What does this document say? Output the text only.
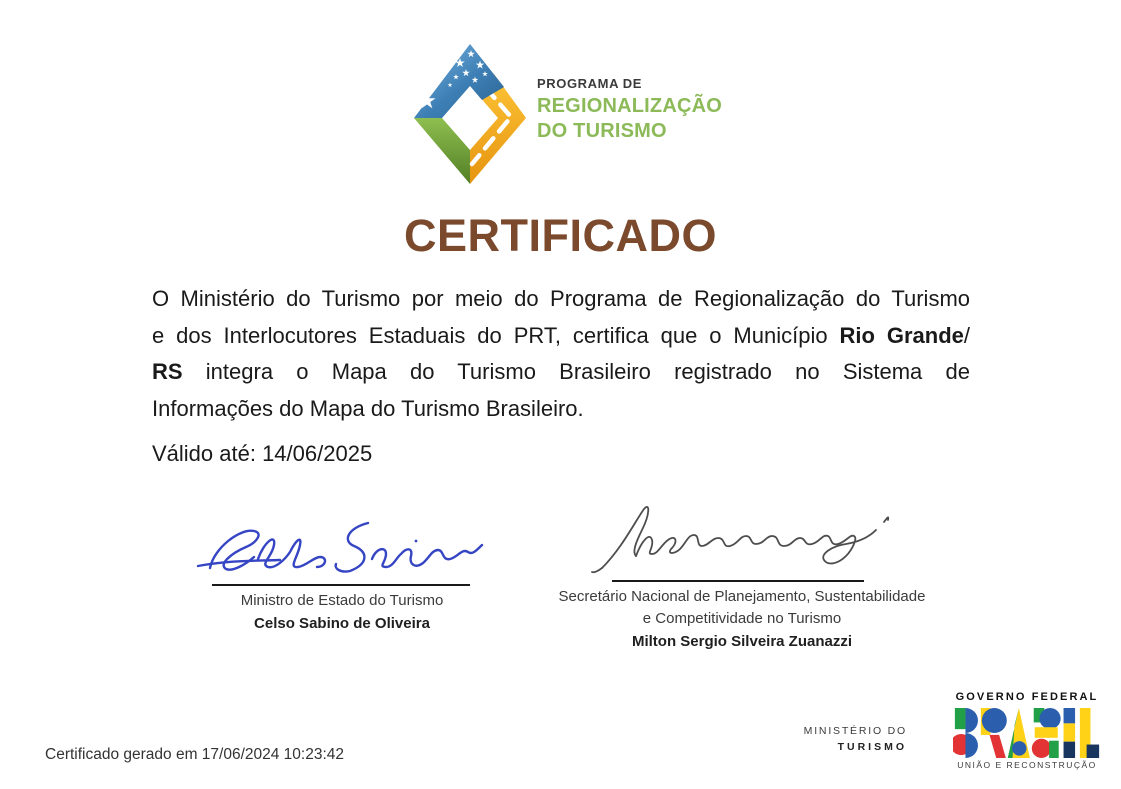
PROGRAMA DE
REGIONALIZAÇÃO
DO TURISMO
CERTIFICADO
O Ministério do Turismo por meio do Programa de Regionalização do Turismo
e dos Interlocutores Estaduais do PRT, certifica que o Município Rio Grande/
RS integra o Mapa do Turismo Brasileiro registrado no Sistema de
Informações do Mapa do Turismo Brasileiro.
Válido até: 14/06/2025
Ministro de Estado do Turismo
Celso Sabino de Oliveira
Secretário Nacional de Planejamento, Sustentabilidade
e Competitividade no Turismo
Milton Sergio Silveira Zuanazzi
Certificado gerado em 17/06/2024 10:23:42
MINISTÉRIO DO
TURISMO
GOVERNO FEDERAL
UNIÃO E RECONSTRUÇÃO
